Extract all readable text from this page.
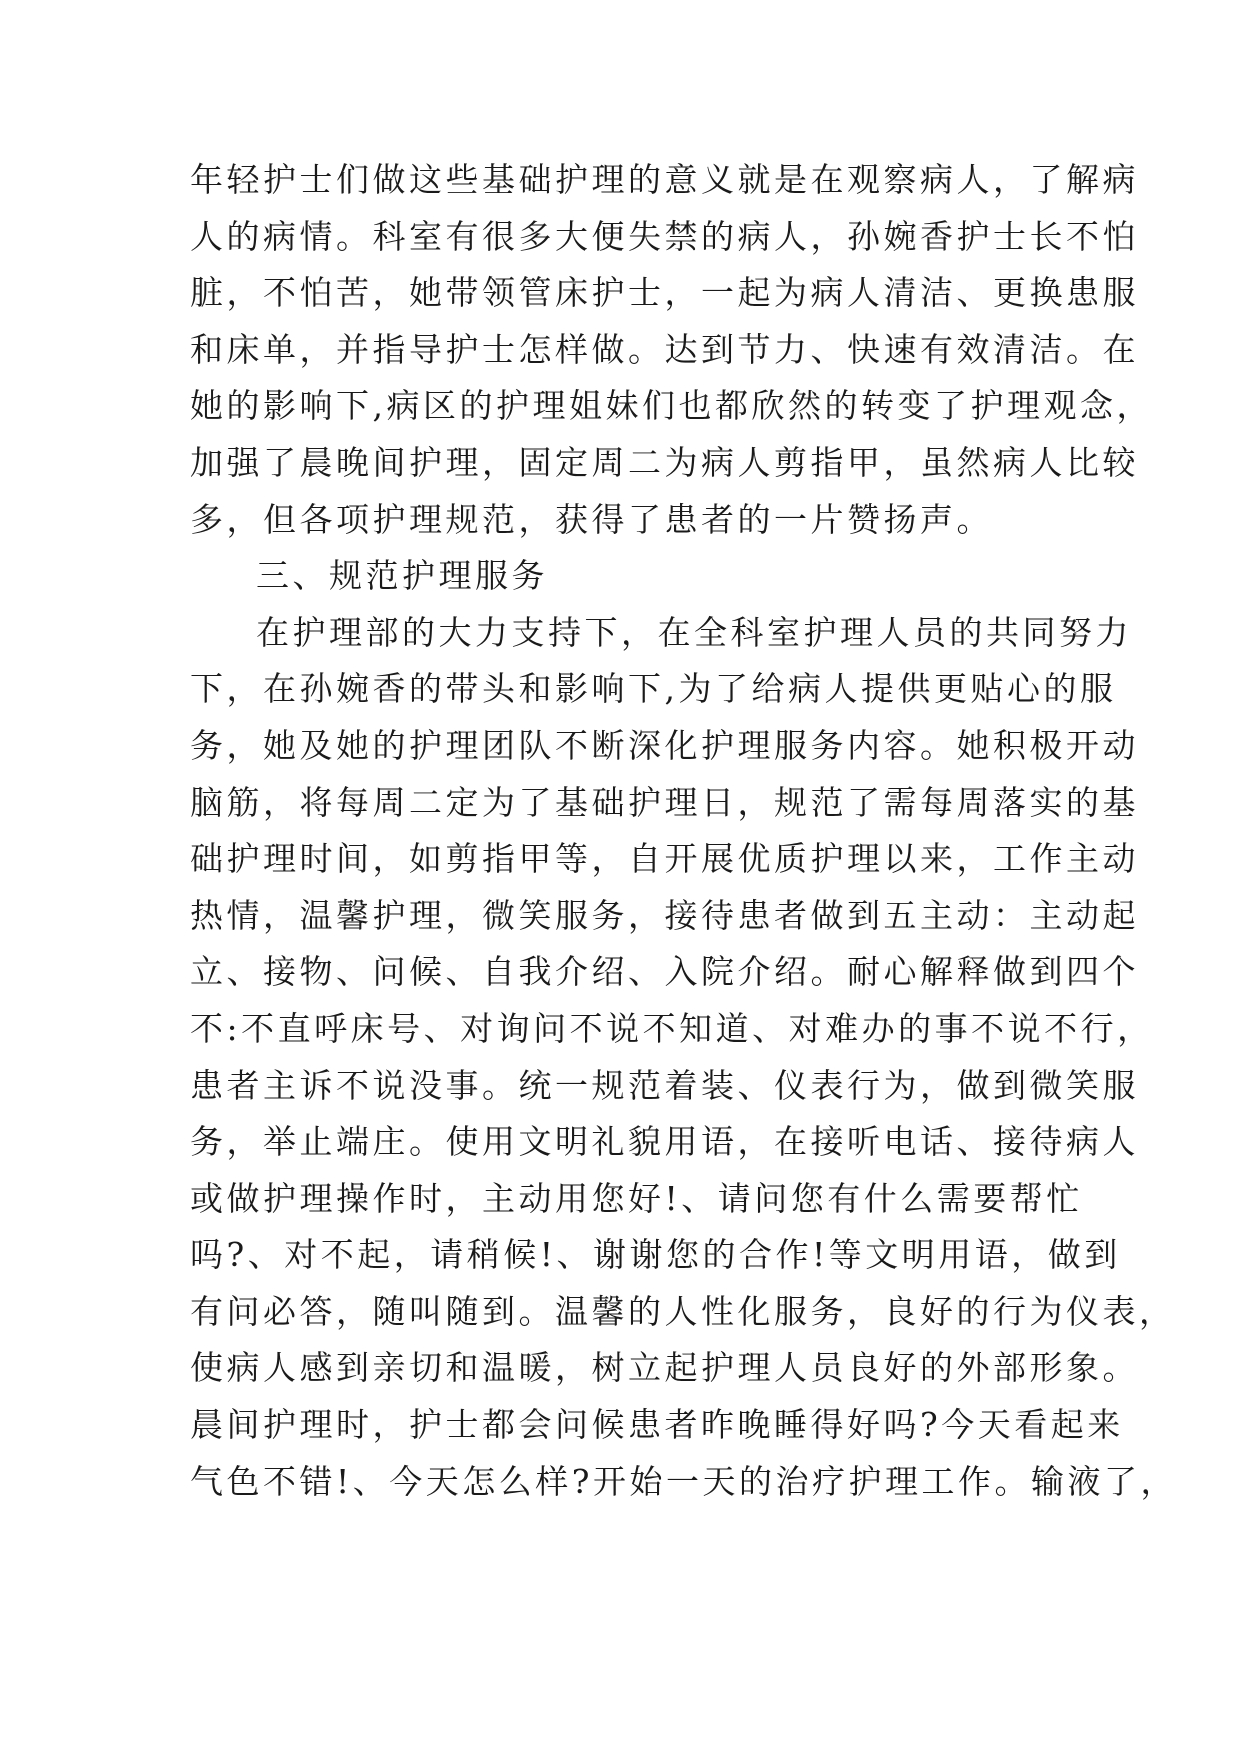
年轻护士们做这些基础护理的意义就是在观察病人，了解病
人的病情。科室有很多大便失禁的病人，孙婉香护士长不怕
脏，不怕苦，她带领管床护士，一起为病人清洁、更换患服
和床单，并指导护士怎样做。达到节力、快速有效清洁。在
她的影响下,病区的护理姐妹们也都欣然的转变了护理观念，
加强了晨晚间护理，固定周二为病人剪指甲，虽然病人比较
多，但各项护理规范，获得了患者的一片赞扬声。
三、规范护理服务
在护理部的大力支持下，在全科室护理人员的共同努力
下，在孙婉香的带头和影响下,为了给病人提供更贴心的服
务，她及她的护理团队不断深化护理服务内容。她积极开动
脑筋，将每周二定为了基础护理日，规范了需每周落实的基
础护理时间，如剪指甲等，自开展优质护理以来，工作主动
热情，温馨护理，微笑服务，接待患者做到五主动：主动起
立、接物、问候、自我介绍、入院介绍。耐心解释做到四个
不:不直呼床号、对询问不说不知道、对难办的事不说不行，
患者主诉不说没事。统一规范着装、仪表行为，做到微笑服
务，举止端庄。使用文明礼貌用语，在接听电话、接待病人
或做护理操作时，主动用您好!、请问您有什么需要帮忙
吗?、对不起，请稍候!、谢谢您的合作!等文明用语，做到
有问必答，随叫随到。温馨的人性化服务，良好的行为仪表，
使病人感到亲切和温暖，树立起护理人员良好的外部形象。
晨间护理时，护士都会问候患者昨晚睡得好吗?今天看起来
气色不错!、今天怎么样?开始一天的治疗护理工作。输液了，
